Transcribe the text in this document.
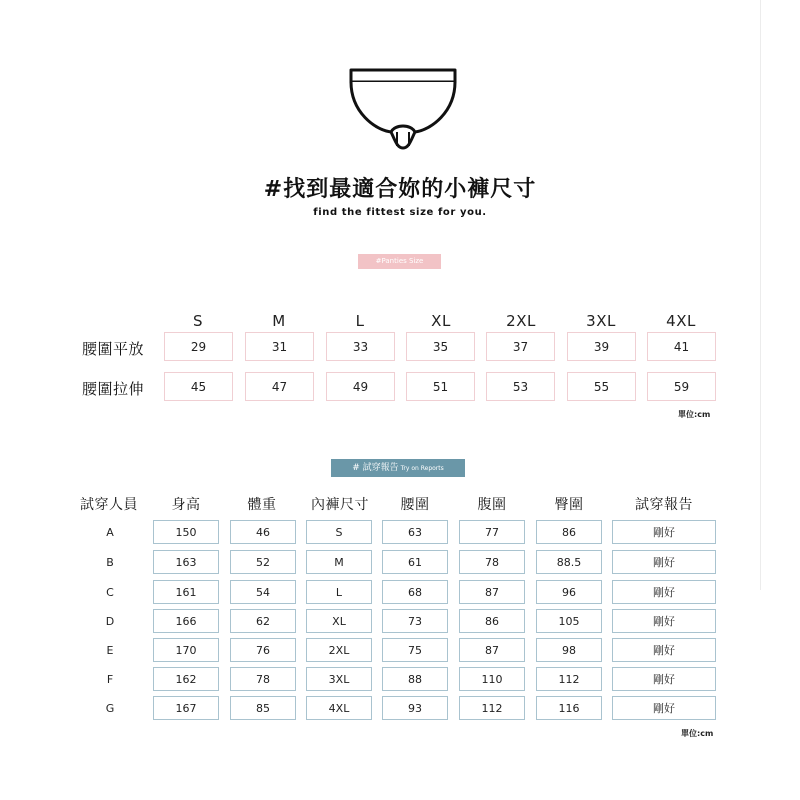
#找到最適合妳的小褲尺寸
find the fittest size for you.
#Panties Size
S	M	L	XL	2XL	3XL	4XL
腰圍平放	29	31	33	35	37	39	41
腰圍拉伸	45	47	49	51	53	55	59
單位:cm
# 試穿報告 Try on Reports
試穿人員	身高	體重	內褲尺寸	腰圍	腹圍	臀圍	試穿報告
A	150	46	S	63	77	86	剛好
B	163	52	M	61	78	88.5	剛好
C	161	54	L	68	87	96	剛好
D	166	62	XL	73	86	105	剛好
E	170	76	2XL	75	87	98	剛好
F	162	78	3XL	88	110	112	剛好
G	167	85	4XL	93	112	116	剛好
單位:cm
